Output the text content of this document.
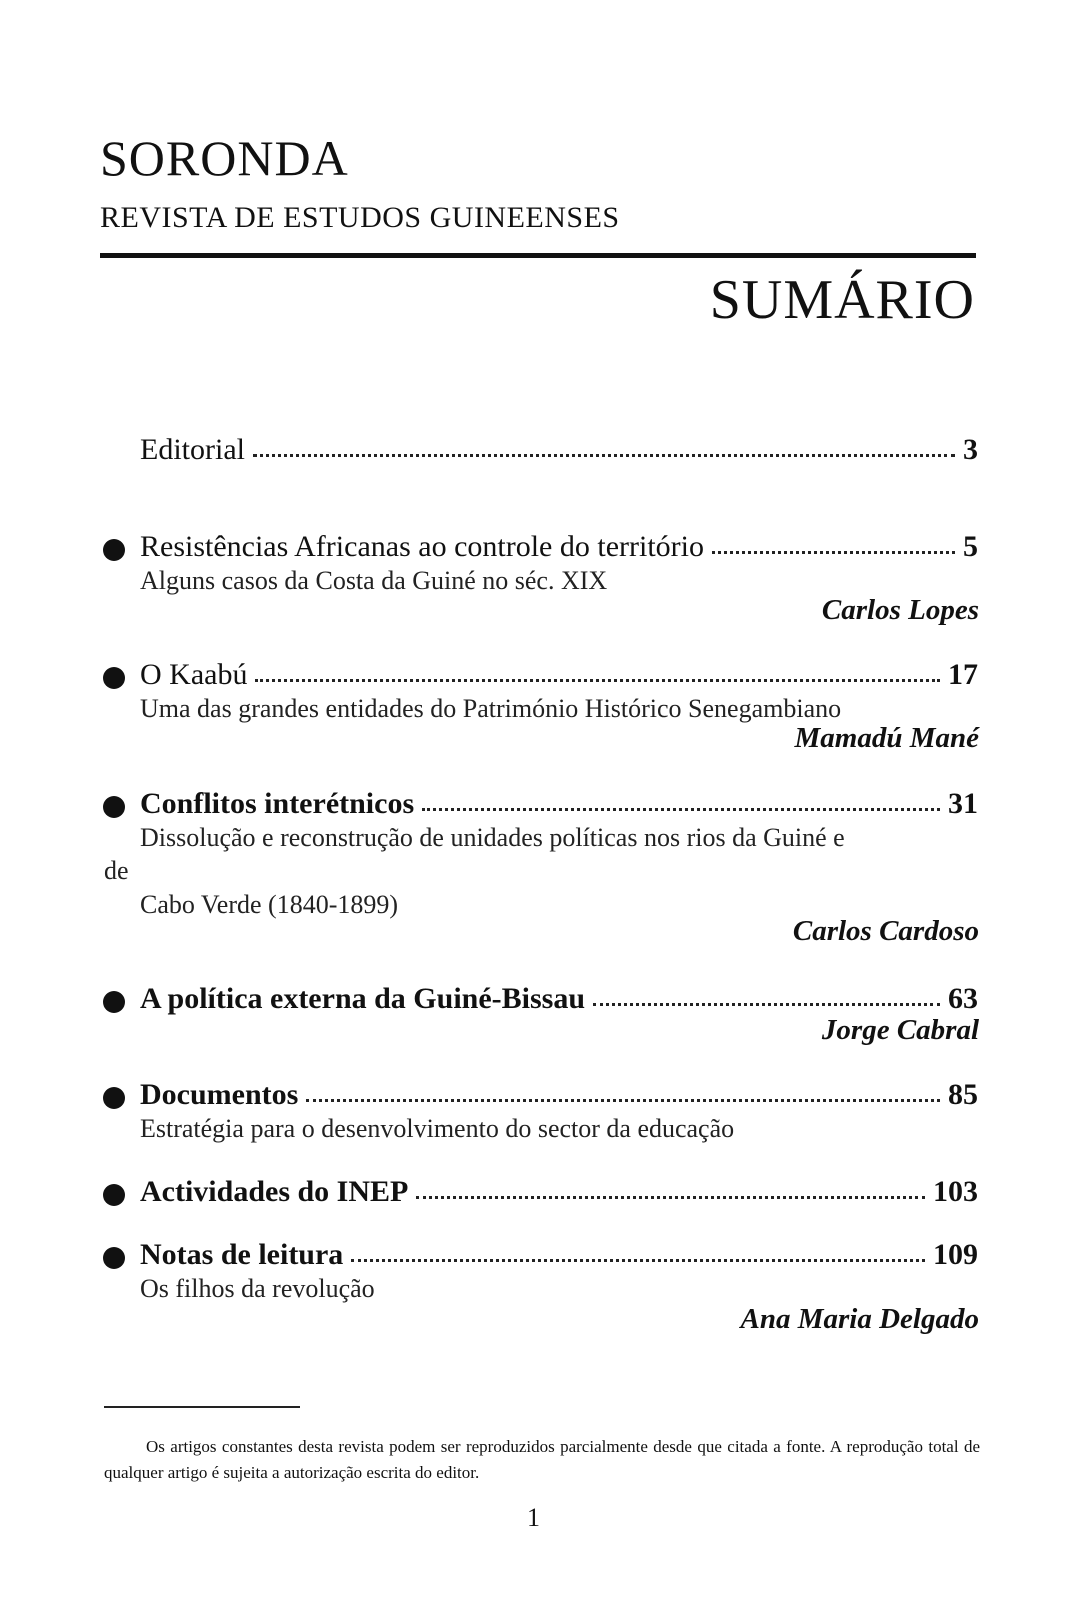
SORONDA
REVISTA DE ESTUDOS GUINEENSES
SUMÁRIO
Editorial	3
Resistências Africanas ao controle do território	5
Alguns casos da Costa da Guiné no séc. XIX
Carlos Lopes
O Kaabú	17
Uma das grandes entidades do Património Histórico Senegambiano
Mamadú Mané
Conflitos interétnicos	31
Dissolução e reconstrução de unidades políticas nos rios da Guiné e
de
Cabo Verde (1840-1899)
Carlos Cardoso
A política externa da Guiné-Bissau	63
Jorge Cabral
Documentos	85
Estratégia para o desenvolvimento do sector da educação
Actividades do INEP	103
Notas de leitura	109
Os filhos da revolução
Ana Maria Delgado
Os artigos constantes desta revista podem ser reproduzidos parcialmente desde que citada a fonte. A reprodução total de qualquer artigo é sujeita a autorização escrita do editor.
1
